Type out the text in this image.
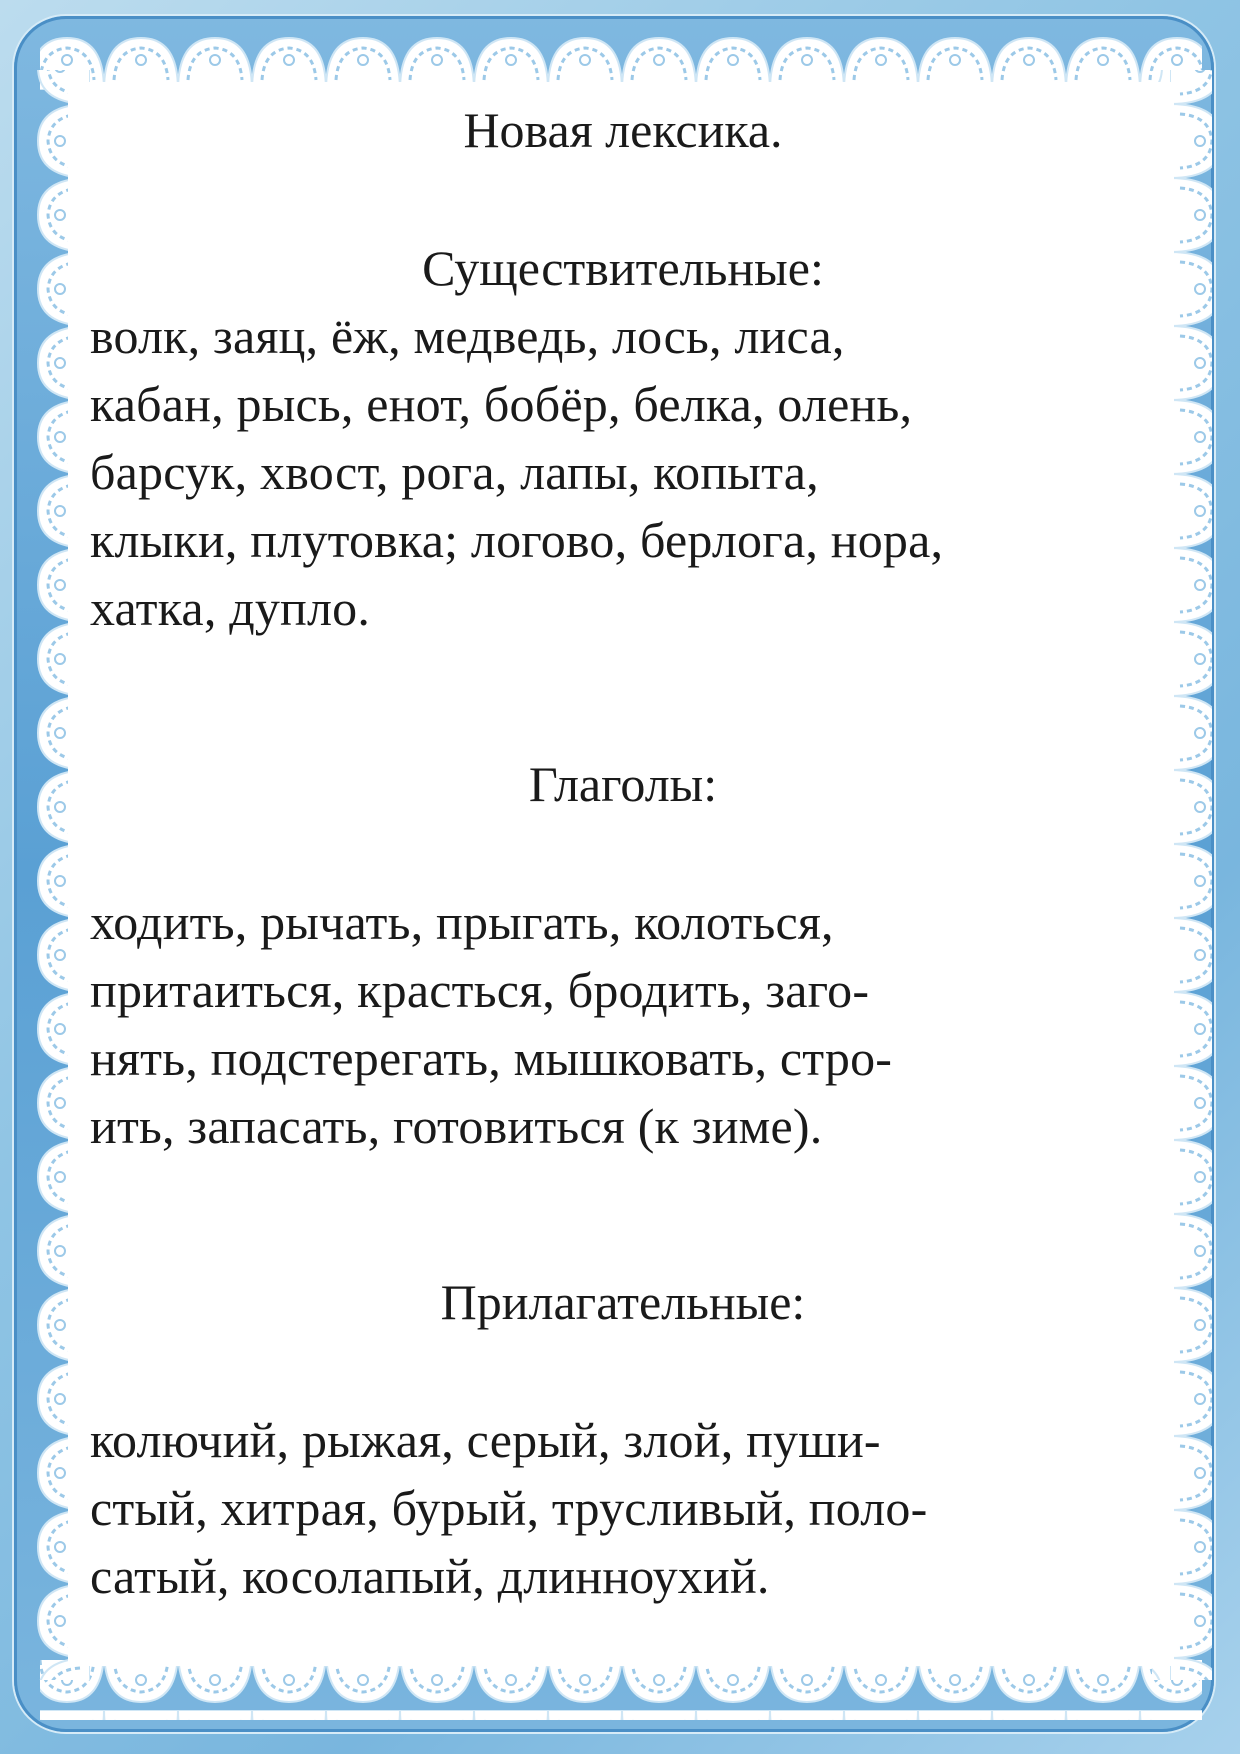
Новая лексика.
Существительные:

волк, заяц, ёж, медведь, лось, лиса,

кабан, рысь, енот, бобёр, белка, олень,

барсук, хвост, рога, лапы, копыта,

клыки, плутовка; логово, берлога, нора,

хатка, дупло.

Глаголы:

ходить, рычать, прыгать, колоться,

притаиться, красться, бродить, заго-

нять, подстерегать, мышковать, стро-

ить, запасать, готовиться (к зиме).

Прилагательные:

колючий, рыжая, серый, злой, пуши-

стый, хитрая, бурый, трусливый, поло-

сатый, косолапый, длинноухий.
